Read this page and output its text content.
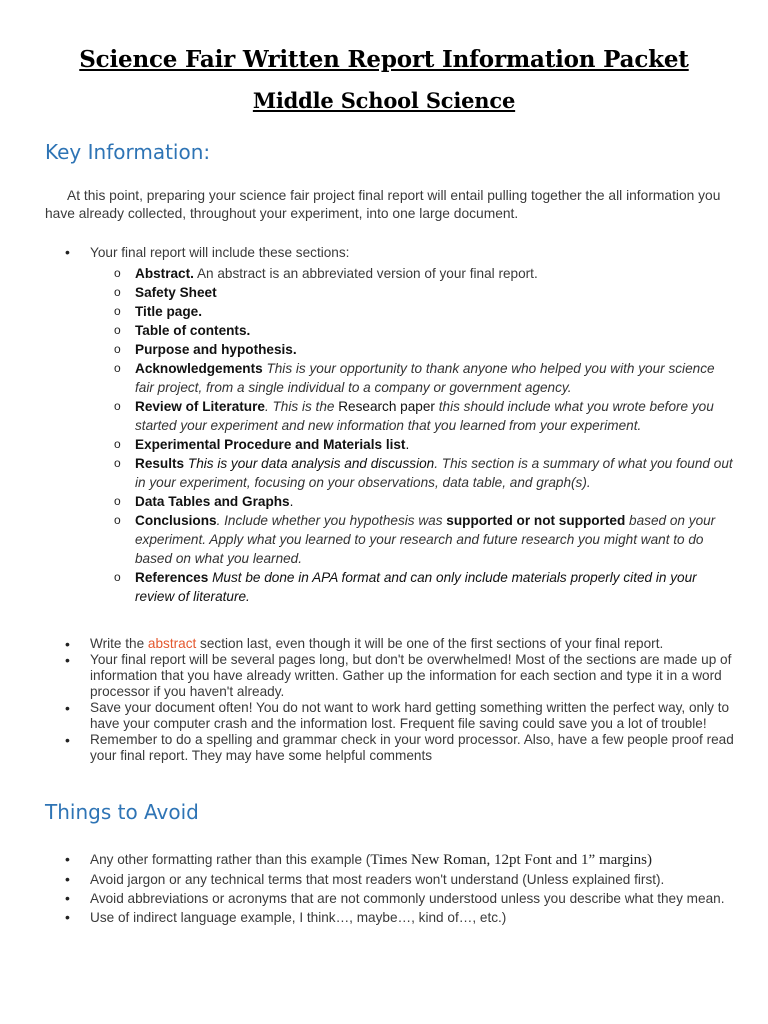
Science Fair Written Report Information Packet
Middle School Science
Key Information:

At this point, preparing your science fair project final report will entail pulling together the all information you have already collected, throughout your experiment, into one large document.

• Your final report will include these sections:
o Abstract. An abstract is an abbreviated version of your final report.
o Safety Sheet
o Title page.
o Table of contents.
o Purpose and hypothesis.
o Acknowledgements This is your opportunity to thank anyone who helped you with your science fair project, from a single individual to a company or government agency.
o Review of Literature. This is the Research paper this should include what you wrote before you started your experiment and new information that you learned from your experiment.
o Experimental Procedure and Materials list.
o Results This is your data analysis and discussion. This section is a summary of what you found out in your experiment, focusing on your observations, data table, and graph(s).
o Data Tables and Graphs.
o Conclusions. Include whether you hypothesis was supported or not supported based on your experiment. Apply what you learned to your research and future research you might want to do based on what you learned.
o References Must be done in APA format and can only include materials properly cited in your review of literature.
• Write the abstract section last, even though it will be one of the first sections of your final report.
• Your final report will be several pages long, but don't be overwhelmed! Most of the sections are made up of information that you have already written. Gather up the information for each section and type it in a word processor if you haven't already.
• Save your document often! You do not want to work hard getting something written the perfect way, only to have your computer crash and the information lost. Frequent file saving could save you a lot of trouble!
• Remember to do a spelling and grammar check in your word processor. Also, have a few people proof read your final report. They may have some helpful comments
Things to Avoid
• Any other formatting rather than this example (Times New Roman, 12pt Font and 1” margins)
• Avoid jargon or any technical terms that most readers won't understand (Unless explained first).
• Avoid abbreviations or acronyms that are not commonly understood unless you describe what they mean.
• Use of indirect language example, I think…, maybe…, kind of…, etc.)
